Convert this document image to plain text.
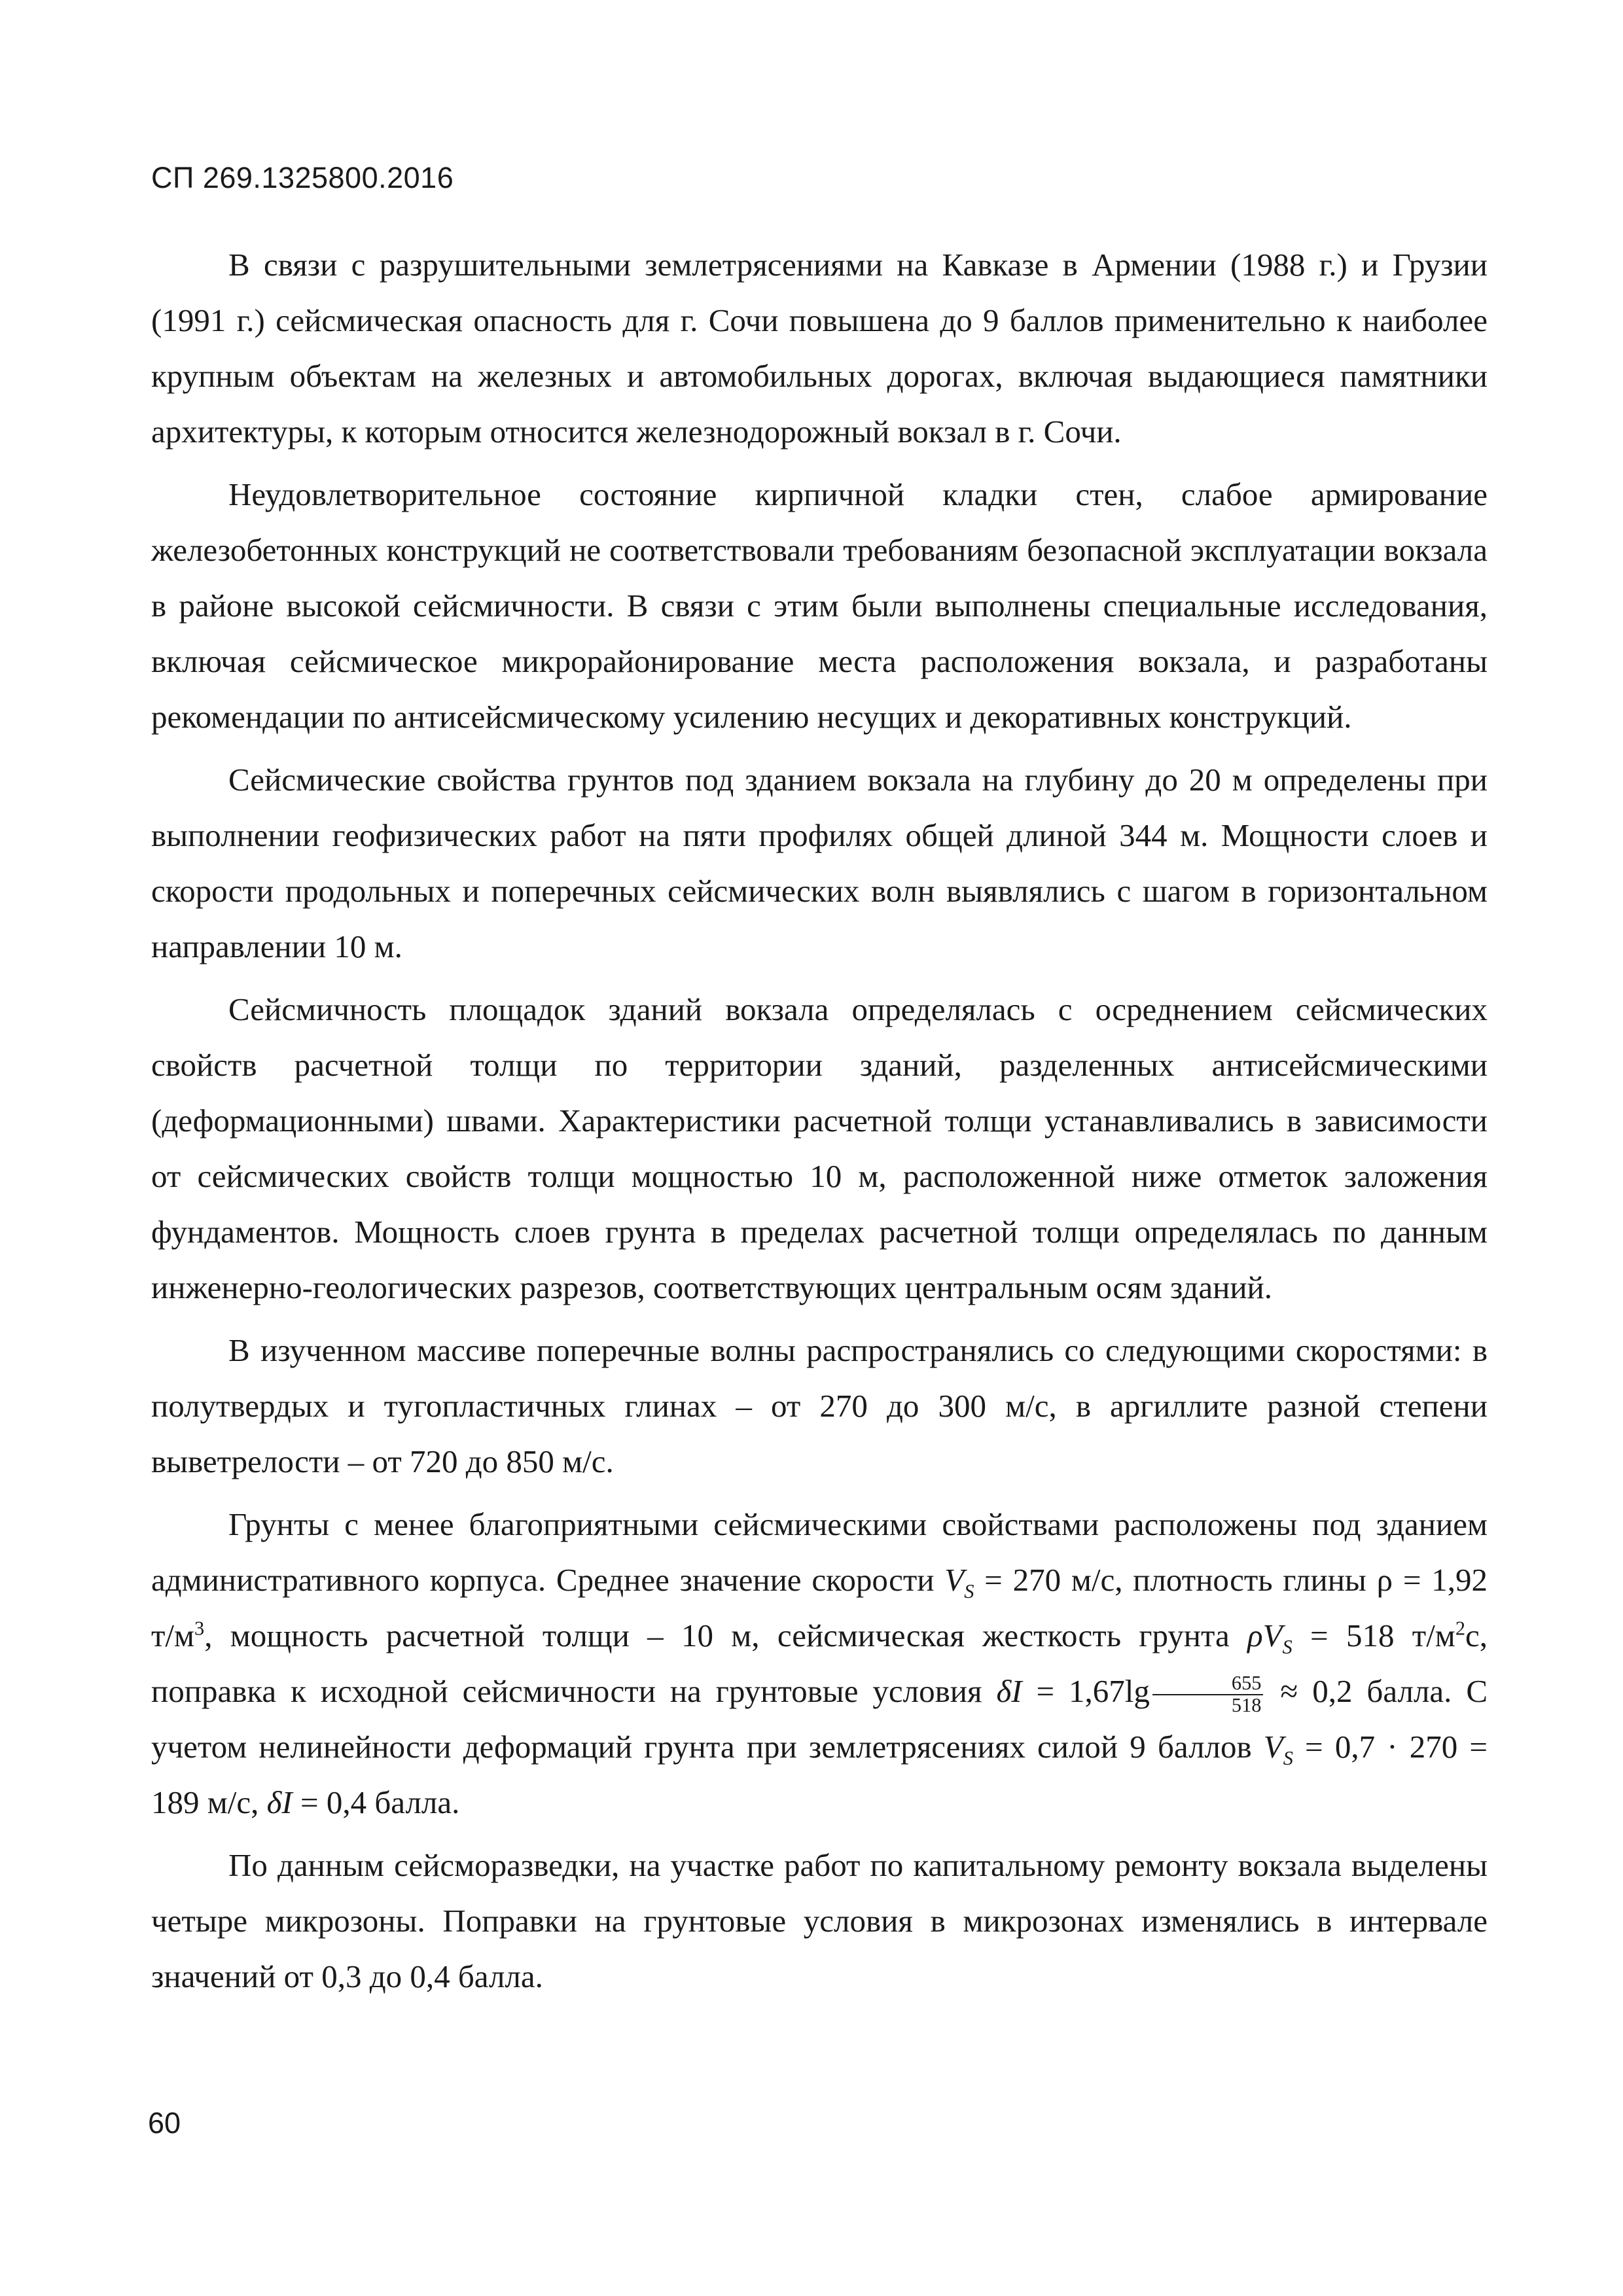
СП 269.1325800.2016

В связи с разрушительными землетрясениями на Кавказе в Армении (1988 г.) и Грузии (1991 г.) сейсмическая опасность для г. Сочи повышена до 9 баллов применительно к наиболее крупным объектам на железных и автомобильных дорогах, включая выдающиеся памятники архитектуры, к которым относится железнодорожный вокзал в г. Сочи.

Неудовлетворительное состояние кирпичной кладки стен, слабое армирование железобетонных конструкций не соответствовали требованиям безопасной эксплуатации вокзала в районе высокой сейсмичности. В связи с этим были выполнены специальные исследования, включая сейсмическое микрорайонирование места расположения вокзала, и разработаны рекомендации по антисейсмическому усилению несущих и декоративных конструкций.

Сейсмические свойства грунтов под зданием вокзала на глубину до 20 м определены при выполнении геофизических работ на пяти профилях общей длиной 344 м. Мощности слоев и скорости продольных и поперечных сейсмических волн выявлялись с шагом в горизонтальном направлении 10 м.

Сейсмичность площадок зданий вокзала определялась с осреднением сейсмических свойств расчетной толщи по территории зданий, разделенных антисейсмическими (деформационными) швами. Характеристики расчетной толщи устанавливались в зависимости от сейсмических свойств толщи мощностью 10 м, расположенной ниже отметок заложения фундаментов. Мощность слоев грунта в пределах расчетной толщи определялась по данным инженерно-геологических разрезов, соответствующих центральным осям зданий.

В изученном массиве поперечные волны распространялись со следующими скоростями: в полутвердых и тугопластичных глинах – от 270 до 300 м/с, в аргиллите разной степени выветрелости – от 720 до 850 м/с.

Грунты с менее благоприятными сейсмическими свойствами расположены под зданием административного корпуса. Среднее значение скорости $V_S = 270$ м/с, плотность глины ρ = 1,92 $т/м^3$, мощность расчетной толщи – 10 м, сейсмическая жесткость грунта $\rho V_S = 518$ $т/м^2с$, поправка к исходной сейсмичности на грунтовые условия $\delta I = 1,67\lg \frac{655}{518} \approx 0,2$ балла. С учетом нелинейности деформаций грунта при землетрясениях силой 9 баллов $V_S = 0,7 \cdot 270 = 189$ м/с, δI = 0,4 балла.

По данным сейсморазведки, на участке работ по капитальному ремонту вокзала выделены четыре микрозоны. Поправки на грунтовые условия в микрозонах изменялись в интервале значений от 0,3 до 0,4 балла.

60
